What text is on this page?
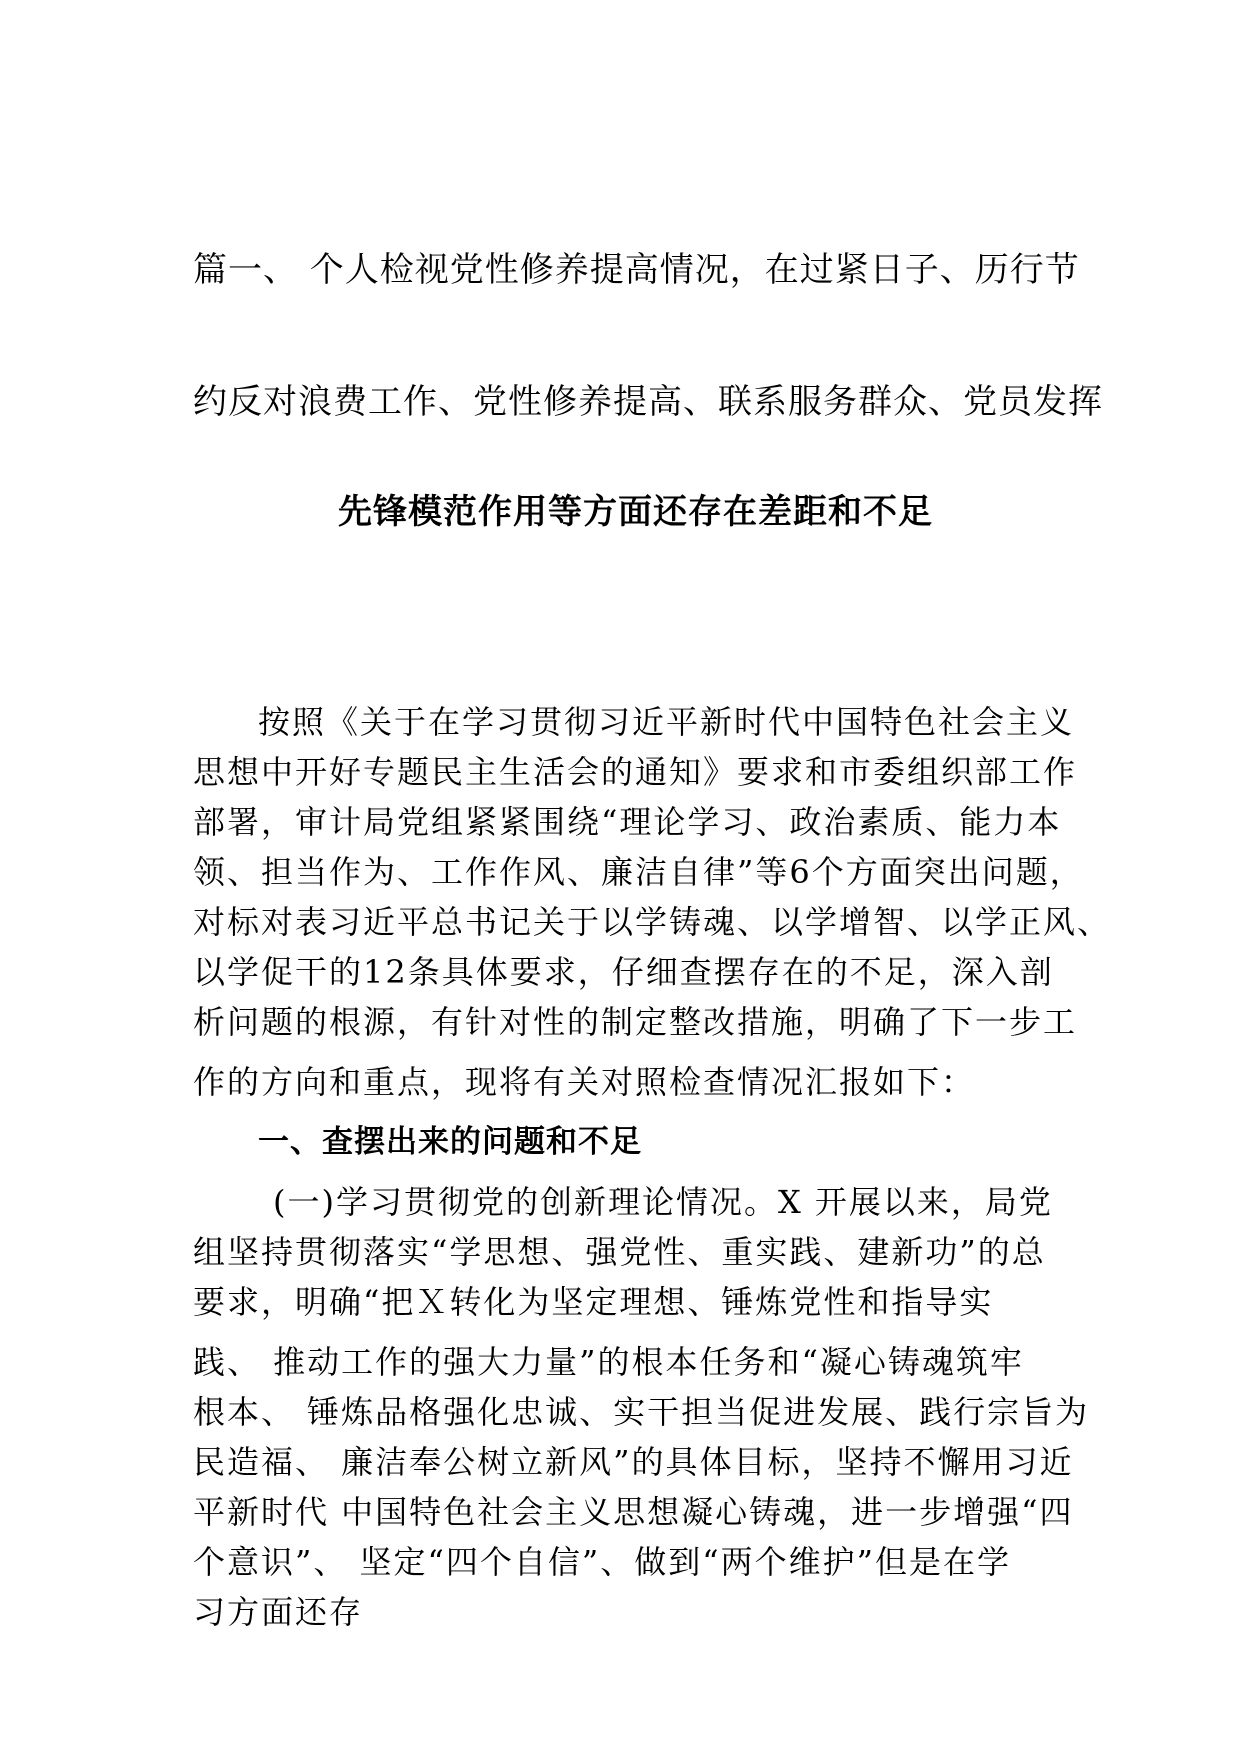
篇一、 个人检视党性修养提高情况，在过紧日子、历行节
约反对浪费工作、党性修养提高、联系服务群众、党员发挥
先锋模范作用等方面还存在差距和不足
按照《关于在学习贯彻习近平新时代中国特色社会主义
思想中开好专题民主生活会的通知》要求和市委组织部工作
部署，审计局党组紧紧围绕“理论学习、政治素质、能力本
领、担当作为、工作作风、廉洁自律”等6个方面突出问题，
对标对表习近平总书记关于以学铸魂、以学增智、以学正风、
以学促干的12条具体要求，仔细查摆存在的不足，深入剖
析问题的根源，有针对性的制定整改措施，明确了下一步工
作的方向和重点，现将有关对照检查情况汇报如下：
一、查摆出来的问题和不足
(一)学习贯彻党的创新理论情况。X 开展以来，局党
组坚持贯彻落实“学思想、强党性、重实践、建新功”的总
要求，明确“把Ｘ转化为坚定理想、锤炼党性和指导实
践、 推动工作的强大力量”的根本任务和“凝心铸魂筑牢
根本、 锤炼品格强化忠诚、实干担当促进发展、践行宗旨为
民造福、 廉洁奉公树立新风”的具体目标，坚持不懈用习近
平新时代 中国特色社会主义思想凝心铸魂，进一步增强“四
个意识”、 坚定“四个自信”、做到“两个维护”但是在学
习方面还存
